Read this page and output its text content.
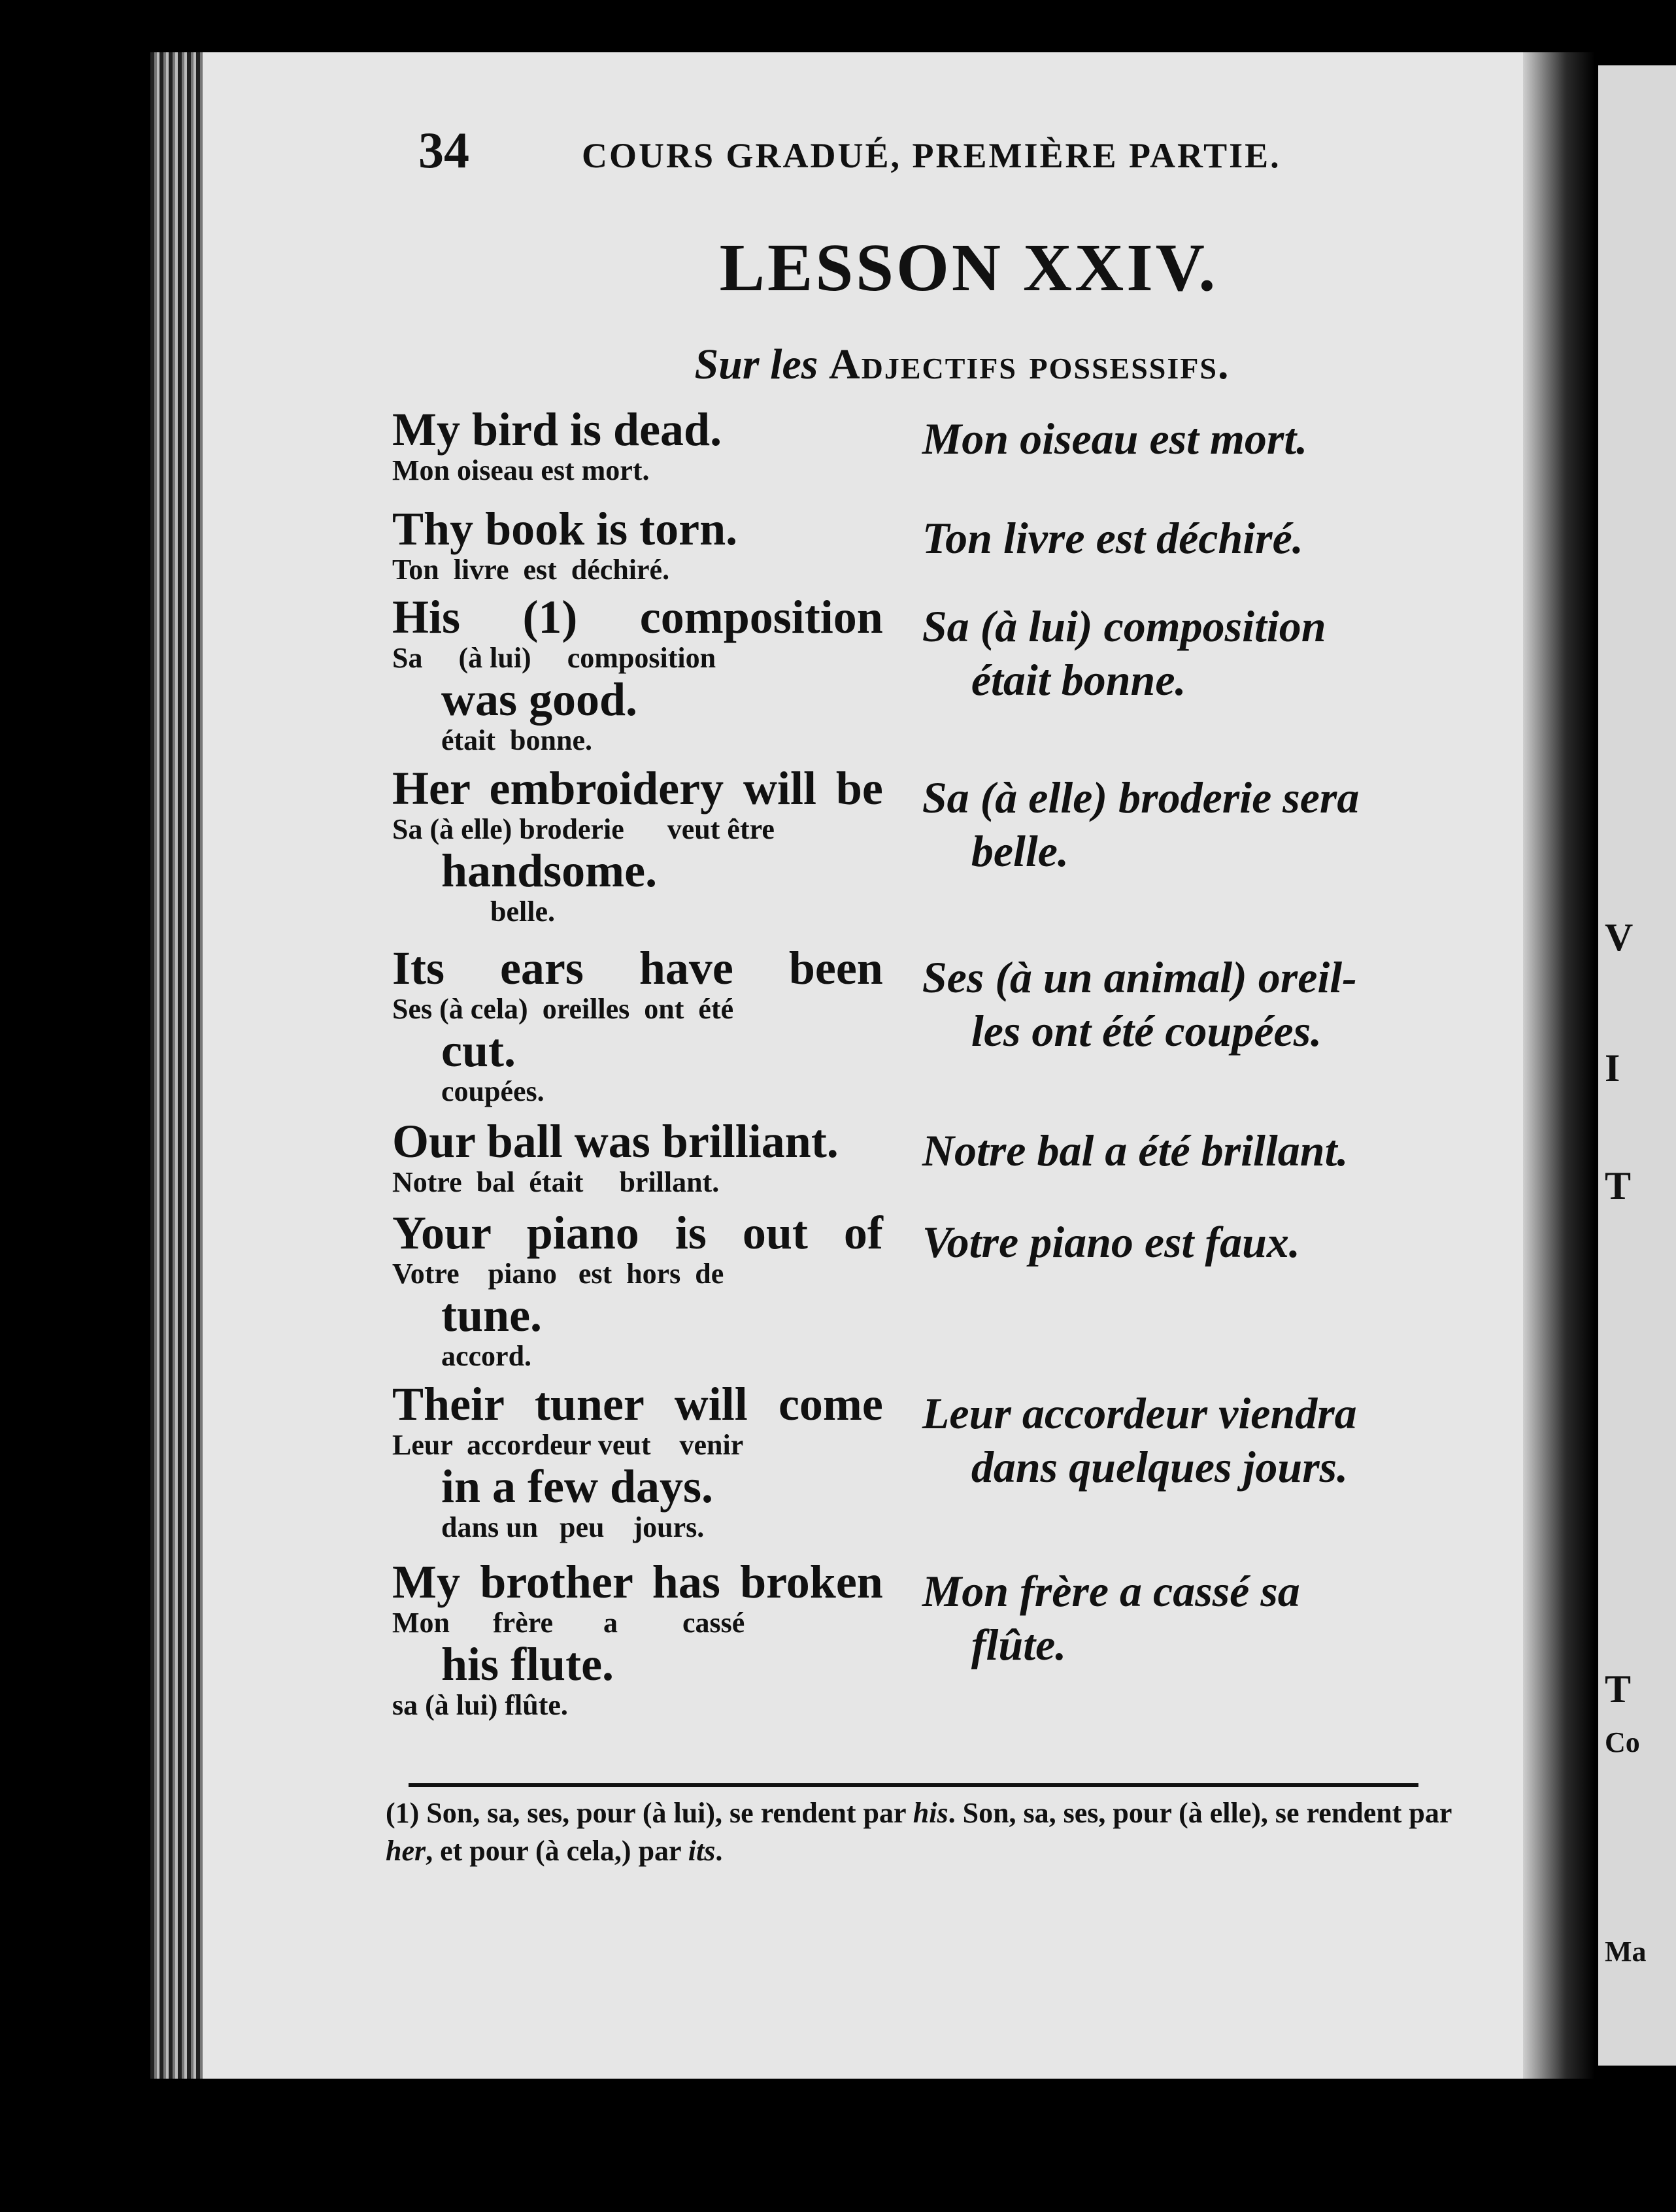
V
I
T
T
Co
Ma
34	COURS GRADUÉ, PREMIÈRE PARTIE.
LESSON XXIV.
Sur les Adjectifs possessifs.
My bird is dead.
Mon oiseau est mort.
Mon oiseau est mort.
Thy book is torn.
Ton  livre  est  déchiré.
Ton livre est déchiré.
His (1) composition
Sa     (à lui)     composition
was good.
était  bonne.
Sa (à lui) composition
était bonne.
Her embroidery will be
Sa (à elle) broderie      veut être
handsome.
belle.
Sa (à elle) broderie sera
belle.
Its ears have been
Ses (à cela)  oreilles  ont  été
cut.
coupées.
Ses (à un animal) oreil-
les ont été coupées.
Our ball was brilliant.
Notre  bal  était     brillant.
Notre bal a été brillant.
Your piano is out of
Votre    piano   est  hors  de
tune.
accord.
Votre piano est faux.
Their tuner will come
Leur  accordeur veut    venir
in a few days.
dans un   peu    jours.
Leur accordeur viendra
dans quelques jours.
My brother has broken
Mon      frère       a         cassé
his flute.
sa (à lui) flûte.
Mon frère a cassé sa
flûte.
(1) Son, sa, ses, pour (à lui), se rendent par his. Son, sa, ses, pour (à elle), se rendent par her, et pour (à cela,) par its.
